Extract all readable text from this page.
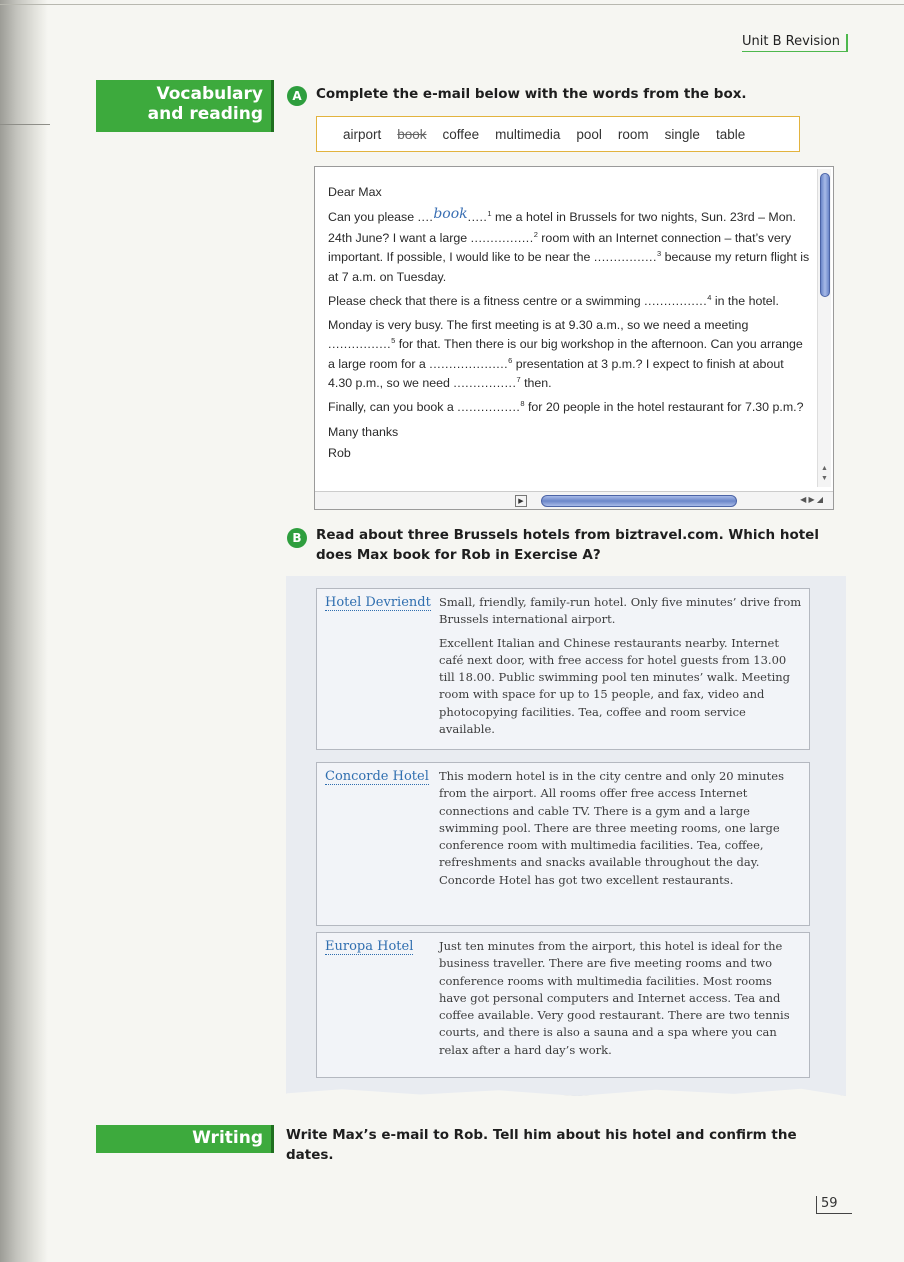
Unit B Revision
Vocabulary
and reading
A	Complete the e-mail below with the words from the box.
airport book coffee multimedia pool room single table

Dear Max

Can you please ....book.....$^1$ me a hotel in Brussels for two nights, Sun. 23rd – Mon. 24th June? I want a large ................$^2$ room with an Internet connection – that’s very important. If possible, I would like to be near the ................$^3$ because my return flight is at 7 a.m. on Tuesday.

Please check that there is a fitness centre or a swimming ................$^4$ in the hotel.

Monday is very busy. The first meeting is at 9.30 a.m., so we need a meeting ................$^5$ for that. Then there is our big workshop in the afternoon. Can you arrange a large room for a ....................$^6$ presentation at 3 p.m.? I expect to finish at about 4.30 p.m., so we need ................$^7$ then.

Finally, can you book a ................$^8$ for 20 people in the hotel restaurant for 7.30 p.m.?

Many thanks

Rob

▲
▼
▶	◀ ▶ ◢
B	Read about three Brussels hotels from biztravel.com. Which hotel does Max book for Rob in Exercise A?
Hotel Devriendt Small, friendly, family-run hotel. Only five minutes’ drive from Brussels international airport.

Excellent Italian and Chinese restaurants nearby. Internet café next door, with free access for hotel guests from 13.00 till 18.00. Public swimming pool ten minutes’ walk. Meeting room with space for up to 15 people, and fax, video and photocopying facilities. Tea, coffee and room service available.

Concorde Hotel This modern hotel is in the city centre and only 20 minutes from the airport. All rooms offer free access Internet connections and cable TV. There is a gym and a large swimming pool. There are three meeting rooms, one large conference room with multimedia facilities. Tea, coffee, refreshments and snacks available throughout the day. Concorde Hotel has got two excellent restaurants.

Europa Hotel Just ten minutes from the airport, this hotel is ideal for the business traveller. There are five meeting rooms and two conference rooms with multimedia facilities. Most rooms have got personal computers and Internet access. Tea and coffee available. Very good restaurant. There are two tennis courts, and there is also a sauna and a spa where you can relax after a hard day’s work.

Writing	Write Max’s e-mail to Rob. Tell him about his hotel and confirm the dates.
59
